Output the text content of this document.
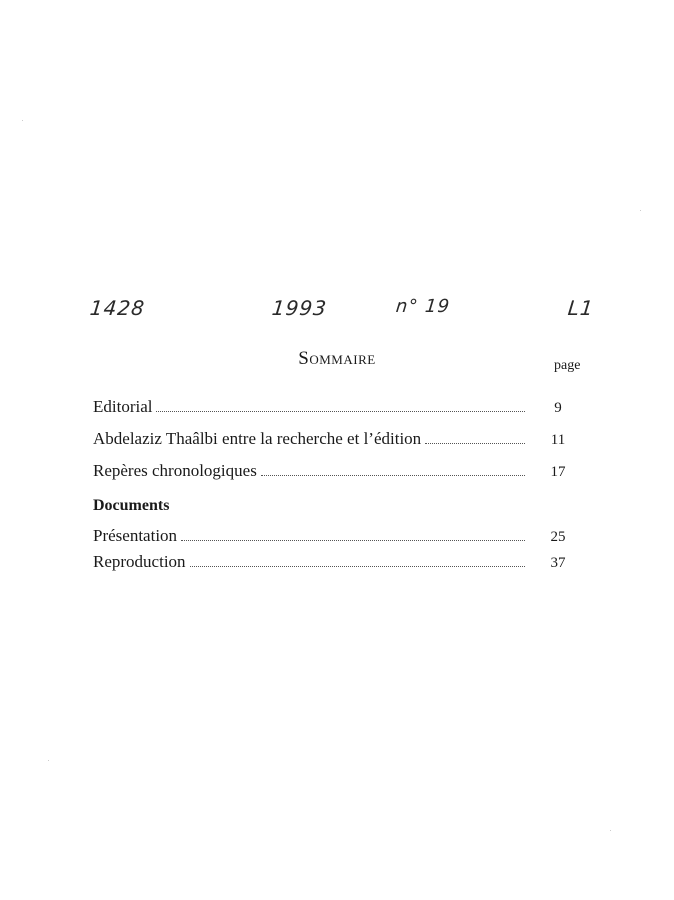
1428	1993	n° 19	L1
Sommaire	page
Editorial	9
Abdelaziz Thaâlbi entre la recherche et l’édition	11
Repères chronologiques	17
Documents
Présentation	25
Reproduction	37
